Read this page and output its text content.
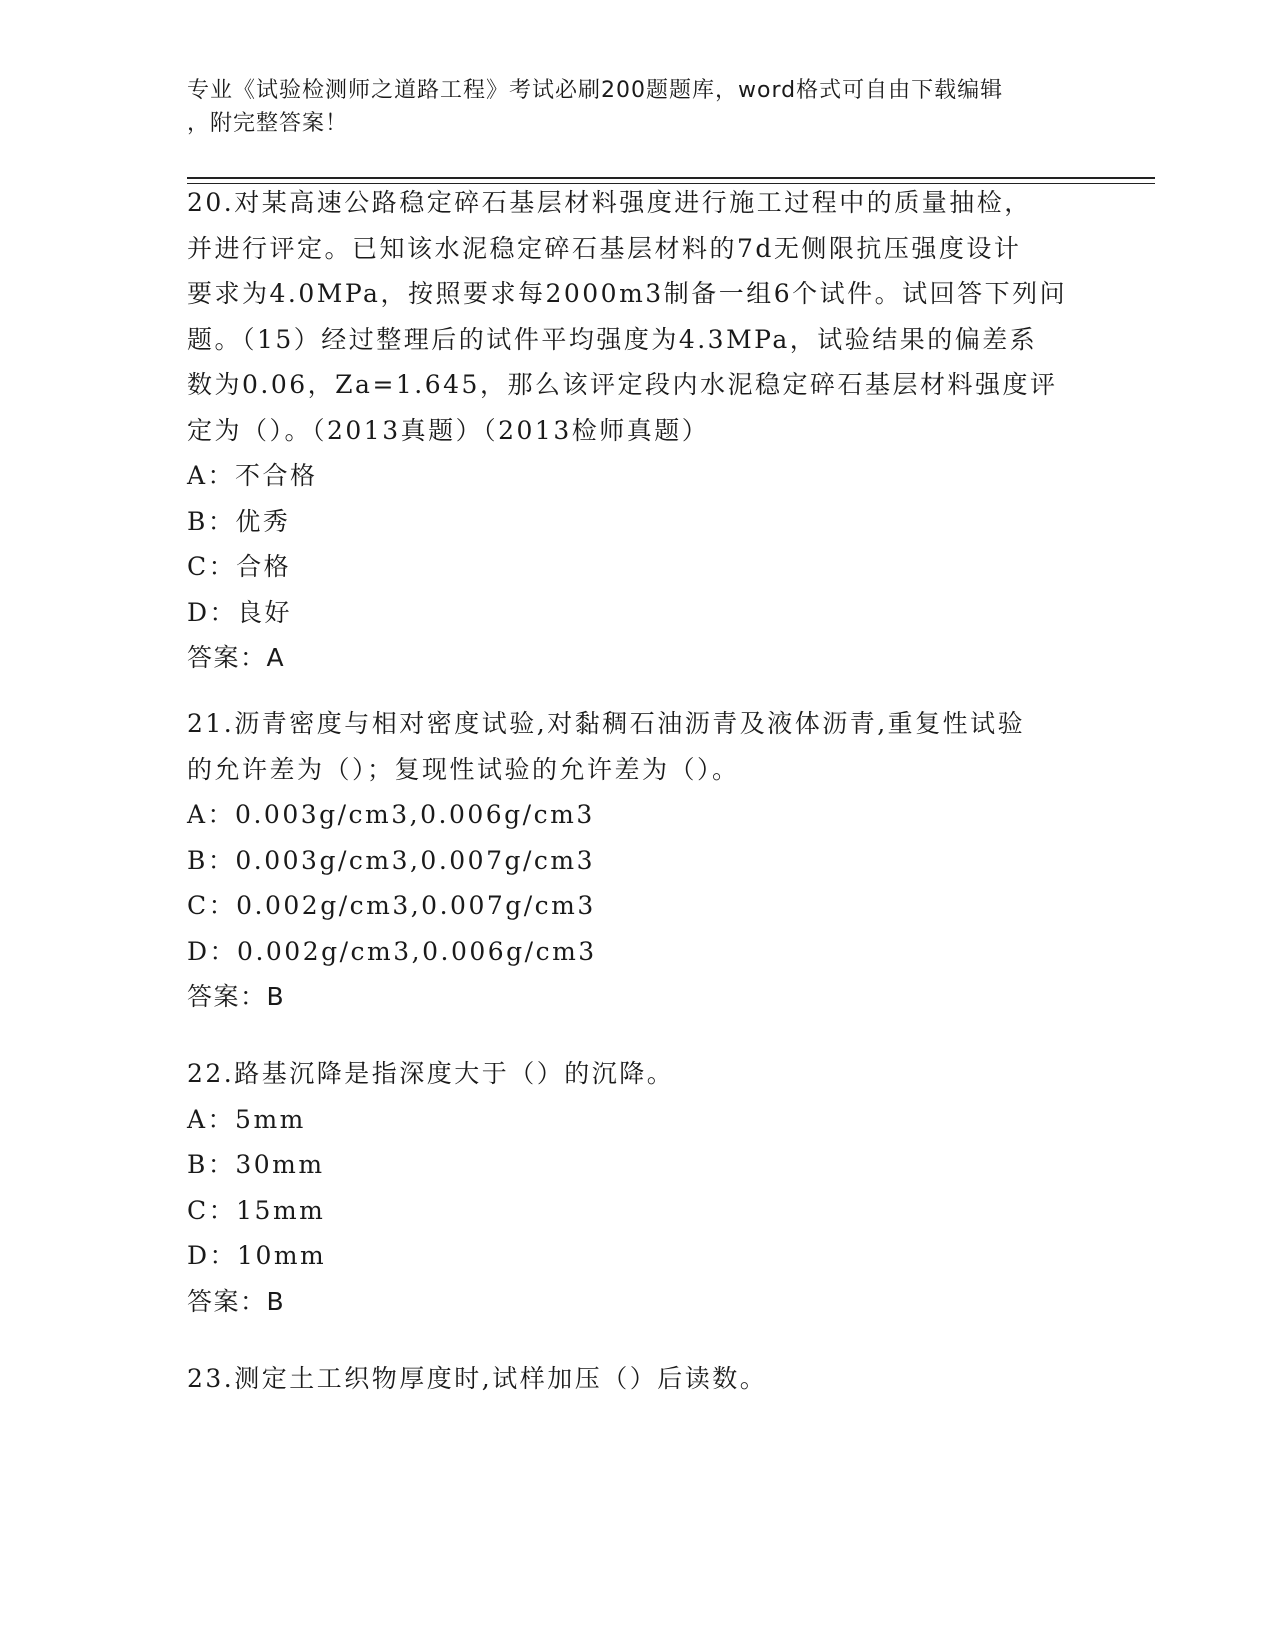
专业《试验检测师之道路工程》考试必刷200题题库，word格式可自由下载编辑
，附完整答案！

20.对某高速公路稳定碎石基层材料强度进行施工过程中的质量抽检，

并进行评定。已知该水泥稳定碎石基层材料的7d无侧限抗压强度设计

要求为4.0MPa，按照要求每2000m3制备一组6个试件。试回答下列问

题。（15）经过整理后的试件平均强度为4.3MPa，试验结果的偏差系

数为0.06，Za=1.645，那么该评定段内水泥稳定碎石基层材料强度评

定为（）。（2013真题）（2013检师真题）

A：不合格

B：优秀

C：合格

D：良好

答案：A

21.沥青密度与相对密度试验,对黏稠石油沥青及液体沥青,重复性试验

的允许差为（）；复现性试验的允许差为（）。

A：0.003g/cm3,0.006g/cm3

B：0.003g/cm3,0.007g/cm3

C：0.002g/cm3,0.007g/cm3

D：0.002g/cm3,0.006g/cm3

答案：B

22.路基沉降是指深度大于（）的沉降。

A：5mm

B：30mm

C：15mm

D：10mm

答案：B

23.测定土工织物厚度时,试样加压（）后读数。
